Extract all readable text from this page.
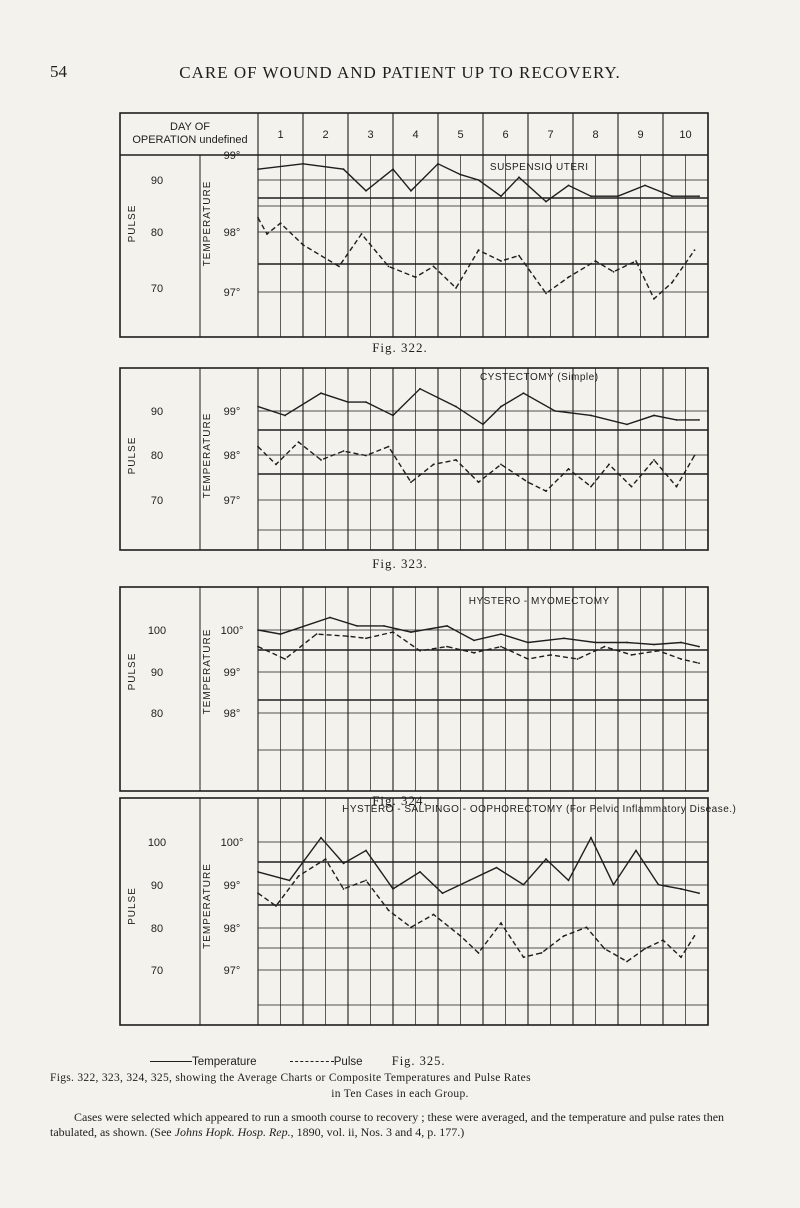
54	CARE OF WOUND AND PATIENT UP TO RECOVERY.
DAY OF
OPERATION undefined	1	2	3	4	5	6	7	8	9	10
PULSE	TEMPERATURE
90
80
70
99°
98°
97°
SUSPENSIO UTERI
PULSE	TEMPERATURE
90
80
70
99°
98°
97°
CYSTECTOMY (Simple)
PULSE	TEMPERATURE
100
90
80
100°
99°
98°
HYSTERO - MYOMECTOMY
PULSE	TEMPERATURE
100
90
80
70
100°
99°
98°
97°
HYSTERO - SALPINGO - OOPHORECTOMY (For Pelvic Inflammatory Disease.)
Fig. 322.
Fig. 323.
Fig. 324.
Temperature	Pulse Fig. 325.
Figs. 322, 323, 324, 325, showing the Average Charts or Composite Temperatures and Pulse Rates
in Ten Cases in each Group.
Cases were selected which appeared to run a smooth course to recovery ; these were averaged, and the temperature and pulse rates then tabulated, as shown. (See Johns Hopk. Hosp. Rep., 1890, vol. ii, Nos. 3 and 4, p. 177.)
